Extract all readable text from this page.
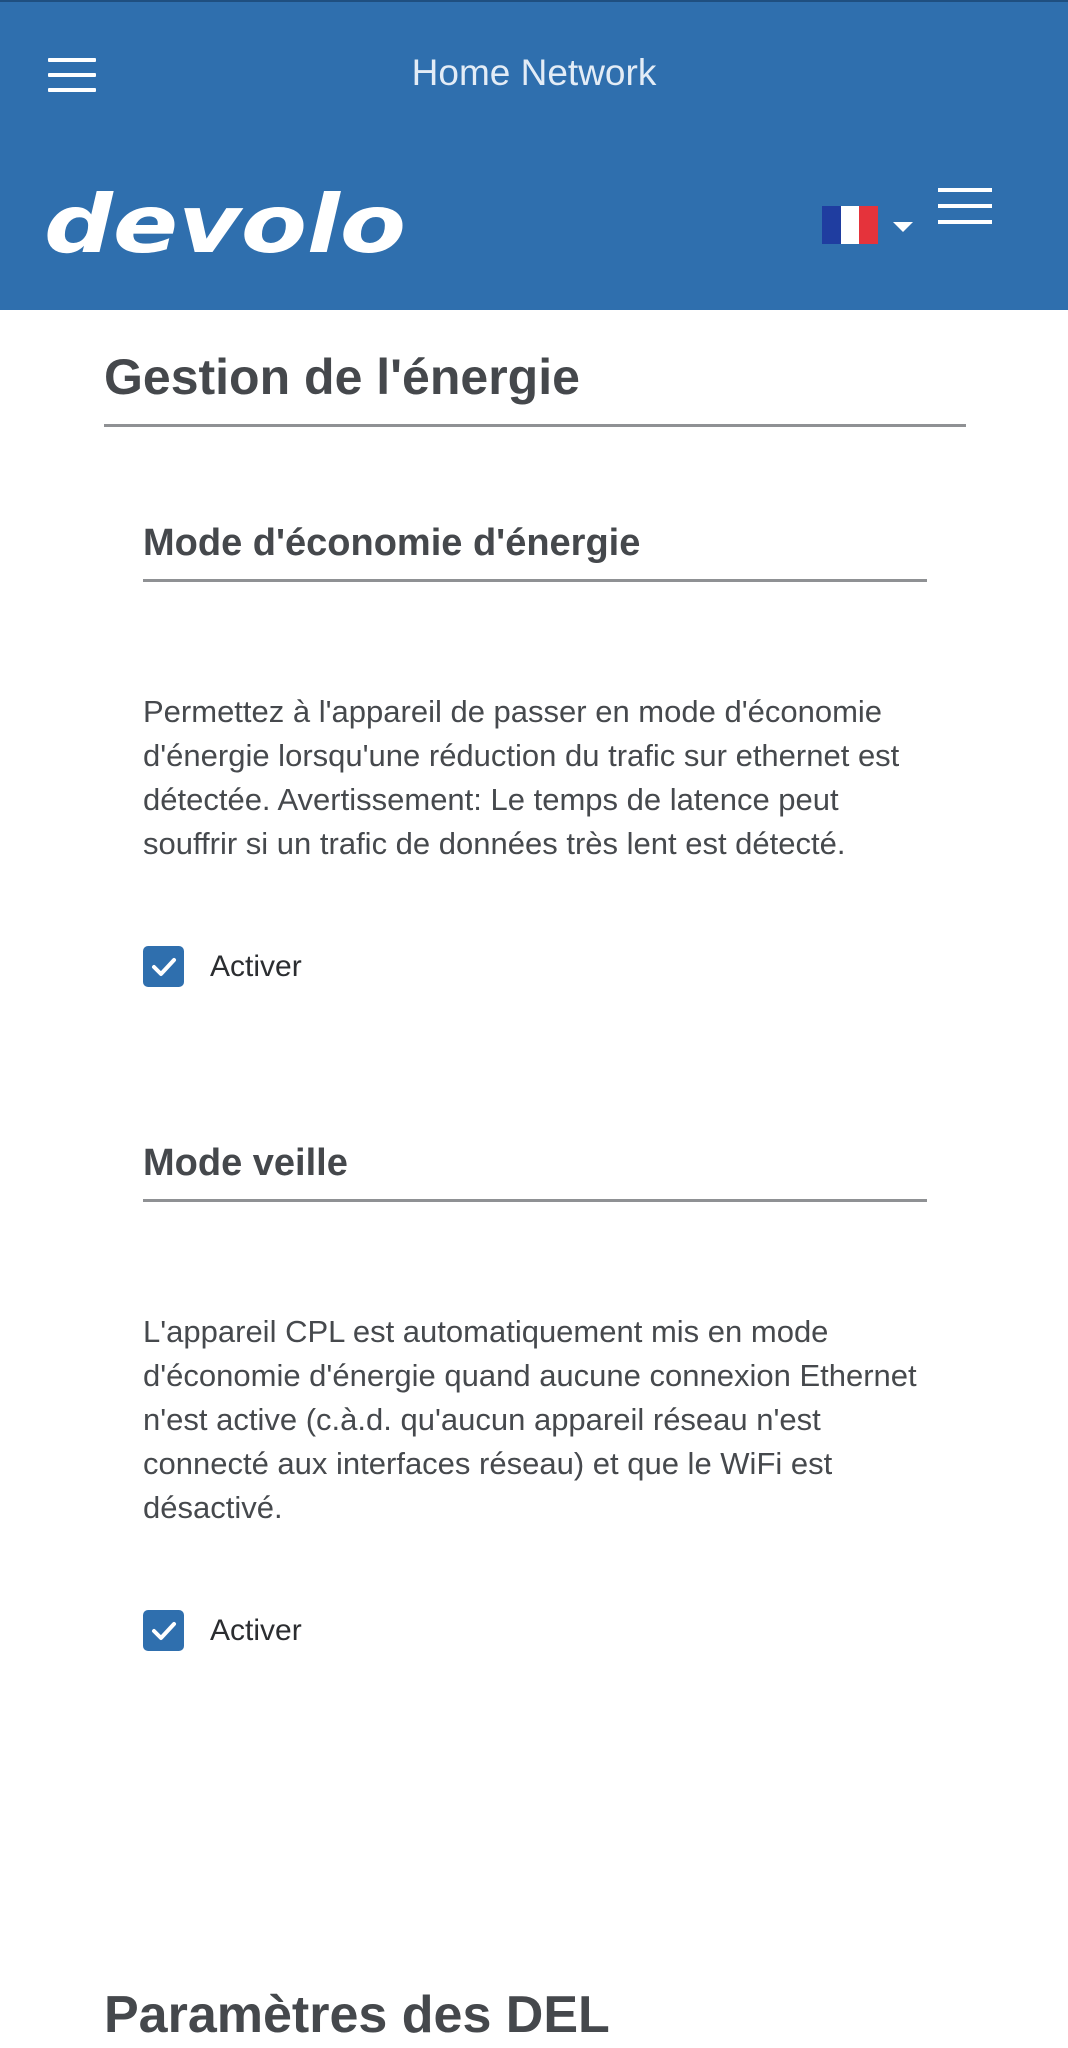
Home Network
devolo
Gestion de l'énergie
Mode d'économie d'énergie
Permettez à l'appareil de passer en mode d'économie d'énergie lorsqu'une réduction du trafic sur ethernet est détectée. Avertissement: Le temps de latence peut souffrir si un trafic de données très lent est détecté.
Activer
Mode veille
L'appareil CPL est automatiquement mis en mode d'économie d'énergie quand aucune connexion Ethernet n'est active (c.à.d. qu'aucun appareil réseau n'est connecté aux interfaces réseau) et que le WiFi est désactivé.
Activer
Paramètres des DEL
